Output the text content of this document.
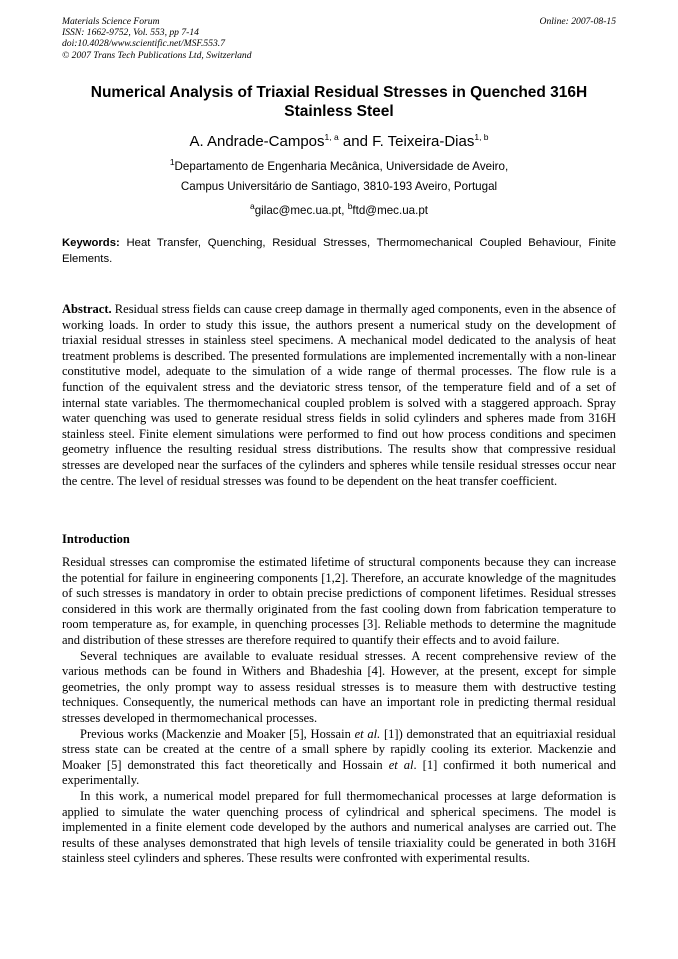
Materials Science Forum
ISSN: 1662-9752, Vol. 553, pp 7-14
doi:10.4028/www.scientific.net/MSF.553.7
© 2007 Trans Tech Publications Ltd, Switzerland
Online: 2007-08-15
Numerical Analysis of Triaxial Residual Stresses in Quenched 316H Stainless Steel
A. Andrade-Campos$^{1, a}$ and F. Teixeira-Dias$^{1, b}$
$^1$Departamento de Engenharia Mecânica, Universidade de Aveiro,
Campus Universitário de Santiago, 3810-193 Aveiro, Portugal
$^a$gilac@mec.ua.pt, $^b$ftd@mec.ua.pt
Keywords: Heat Transfer, Quenching, Residual Stresses, Thermomechanical Coupled Behaviour, Finite Elements.

Abstract. Residual stress fields can cause creep damage in thermally aged components, even in the absence of working loads. In order to study this issue, the authors present a numerical study on the development of triaxial residual stresses in stainless steel specimens. A mechanical model dedicated to the analysis of heat treatment problems is described. The presented formulations are implemented incrementally with a non-linear constitutive model, adequate to the simulation of a wide range of thermal processes. The flow rule is a function of the equivalent stress and the deviatoric stress tensor, of the temperature field and of a set of internal state variables. The thermomechanical coupled problem is solved with a staggered approach. Spray water quenching was used to generate residual stress fields in solid cylinders and spheres made from 316H stainless steel. Finite element simulations were performed to find out how process conditions and specimen geometry influence the resulting residual stress distributions. The results show that compressive residual stresses are developed near the surfaces of the cylinders and spheres while tensile residual stresses occur near the centre. The level of residual stresses was found to be dependent on the heat transfer coefficient.

Introduction

Residual stresses can compromise the estimated lifetime of structural components because they can increase the potential for failure in engineering components [1,2]. Therefore, an accurate knowledge of the magnitudes of such stresses is mandatory in order to obtain precise predictions of component lifetimes. Residual stresses considered in this work are thermally originated from the fast cooling down from fabrication temperature to room temperature as, for example, in quenching processes [3]. Reliable methods to determine the magnitude and distribution of these stresses are therefore required to quantify their effects and to avoid failure.

Several techniques are available to evaluate residual stresses. A recent comprehensive review of the various methods can be found in Withers and Bhadeshia [4]. However, at the present, except for simple geometries, the only prompt way to assess residual stresses is to measure them with destructive testing techniques. Consequently, the numerical methods can have an important role in predicting thermal residual stresses developed in thermomechanical processes.

Previous works (Mackenzie and Moaker [5], Hossain et al. [1]) demonstrated that an equitriaxial residual stress state can be created at the centre of a small sphere by rapidly cooling its exterior. Mackenzie and Moaker [5] demonstrated this fact theoretically and Hossain et al. [1] confirmed it both numerical and experimentally.

In this work, a numerical model prepared for full thermomechanical processes at large deformation is applied to simulate the water quenching process of cylindrical and spherical specimens. The model is implemented in a finite element code developed by the authors and numerical analyses are carried out. The results of these analyses demonstrated that high levels of tensile triaxiality could be generated in both 316H stainless steel cylinders and spheres. These results were confronted with experimental results.
